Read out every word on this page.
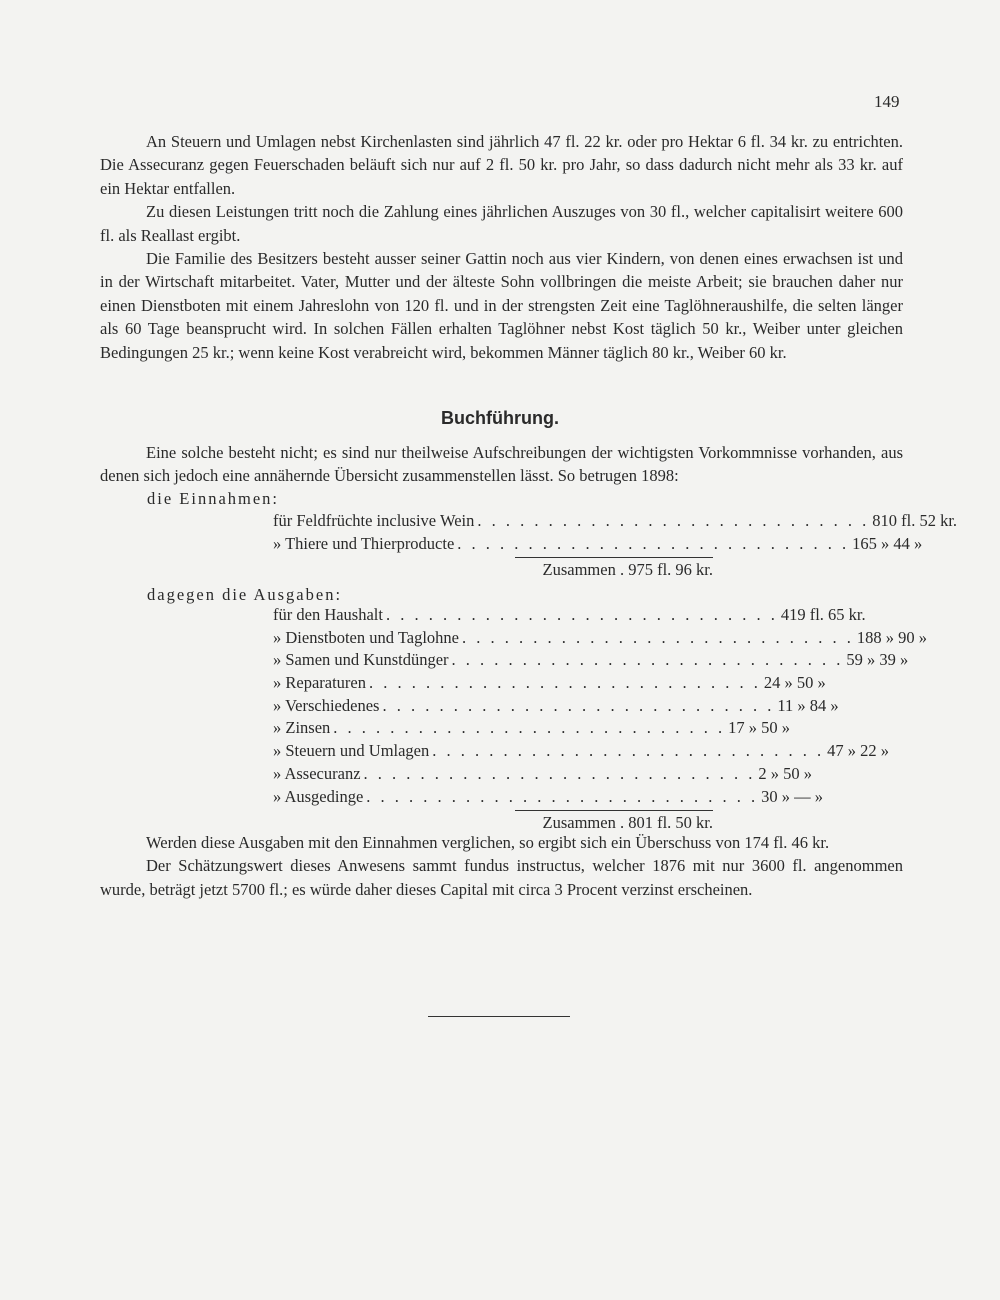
149

An Steuern und Umlagen nebst Kirchenlasten sind jährlich 47 fl. 22 kr. oder pro Hektar 6 fl. 34 kr. zu entrichten. Die Assecuranz gegen Feuerschaden beläuft sich nur auf 2 fl. 50 kr. pro Jahr, so dass dadurch nicht mehr als 33 kr. auf ein Hektar entfallen.

Zu diesen Leistungen tritt noch die Zahlung eines jährlichen Auszuges von 30 fl., welcher capitalisirt weitere 600 fl. als Reallast ergibt.

Die Familie des Besitzers besteht ausser seiner Gattin noch aus vier Kindern, von denen eines erwachsen ist und in der Wirtschaft mitarbeitet. Vater, Mutter und der älteste Sohn vollbringen die meiste Arbeit; sie brauchen daher nur einen Dienstboten mit einem Jahreslohn von 120 fl. und in der strengsten Zeit eine Taglöhneraushilfe, die selten länger als 60 Tage beansprucht wird. In solchen Fällen erhalten Taglöhner nebst Kost täglich 50 kr., Weiber unter gleichen Bedingungen 25 kr.; wenn keine Kost verabreicht wird, bekommen Männer täglich 80 kr., Weiber 60 kr.

Buchführung.

Eine solche besteht nicht; es sind nur theilweise Aufschreibungen der wichtigsten Vorkommnisse vorhanden, aus denen sich jedoch eine annähernde Übersicht zusammenstellen lässt. So betrugen 1898:

die Einnahmen:
für Feldfrüchte inclusive Wein . . . . . . . . . . . . . . . . . . . . . . . . . . . . 810 fl. 52 kr.
» Thiere und Thierproducte . . . . . . . . . . . . . . . . . . . . . . . . . . . . 165 » 44 »
Zusammen . 975 fl. 96 kr.
dagegen die Ausgaben:
für den Haushalt . . . . . . . . . . . . . . . . . . . . . . . . . . . . 419 fl. 65 kr.
» Dienstboten und Taglohne . . . . . . . . . . . . . . . . . . . . . . . . . . . . 188 » 90 »
» Samen und Kunstdünger . . . . . . . . . . . . . . . . . . . . . . . . . . . . 59 » 39 »
» Reparaturen . . . . . . . . . . . . . . . . . . . . . . . . . . . . 24 » 50 »
» Verschiedenes . . . . . . . . . . . . . . . . . . . . . . . . . . . . 11 » 84 »
» Zinsen . . . . . . . . . . . . . . . . . . . . . . . . . . . . 17 » 50 »
» Steuern und Umlagen . . . . . . . . . . . . . . . . . . . . . . . . . . . . 47 » 22 »
» Assecuranz . . . . . . . . . . . . . . . . . . . . . . . . . . . . 2 » 50 »
» Ausgedinge . . . . . . . . . . . . . . . . . . . . . . . . . . . . 30 » — »
Zusammen . 801 fl. 50 kr.

Werden diese Ausgaben mit den Einnahmen verglichen, so ergibt sich ein Überschuss von 174 fl. 46 kr.

Der Schätzungswert dieses Anwesens sammt fundus instructus, welcher 1876 mit nur 3600 fl. angenommen wurde, beträgt jetzt 5700 fl.; es würde daher dieses Capital mit circa 3 Procent verzinst erscheinen.
